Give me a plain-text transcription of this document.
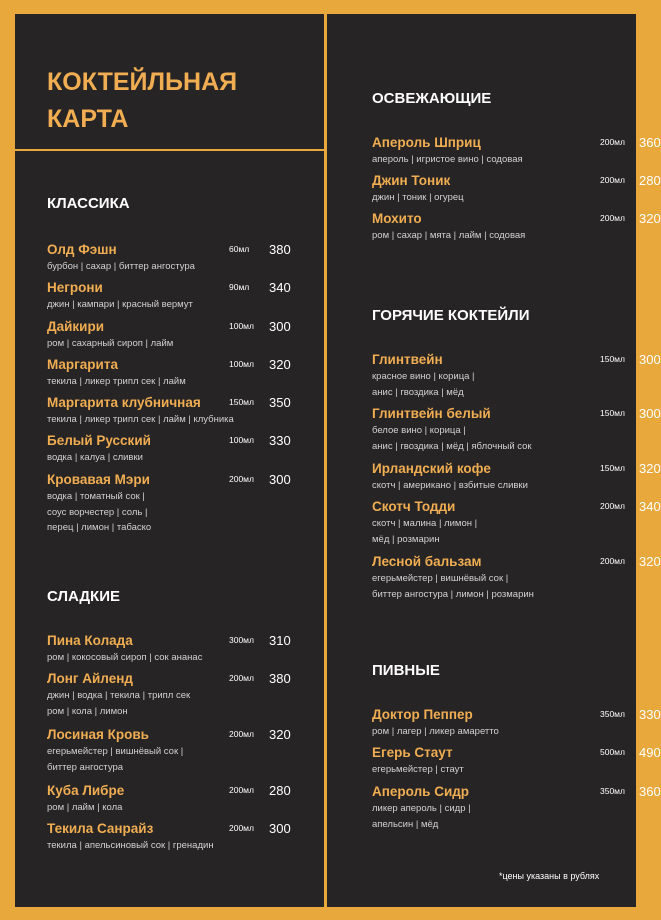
КОКТЕЙЛЬНАЯ
КАРТА
КЛАССИКА
СЛАДКИЕ
Олд Фэшн
бурбон | сахар | биттер ангостура
60мл 380
Негрони
джин | кампари | красный вермут
90мл 340
Дайкири
ром | сахарный сироп | лайм
100мл 300
Маргарита
текила | ликер трипл сек | лайм
100мл 320
Маргарита клубничная
текила | ликер трипл сек | лайм | клубника
150мл 350
Белый Русский
водка | калуа | сливки
100мл 330
Кровавая Мэри
водка | томатный сок |
соус ворчестер | соль |
перец | лимон | табаско
200мл 300
Пина Колада
ром | кокосовый сироп | сок ананас
300мл 310
Лонг Айленд
джин | водка | текила | трипл сек
ром | кола | лимон
200мл 380
Лосиная Кровь
егерьмейстер | вишнёвый сок |
биттер ангостура
200мл 320
Куба Либре
ром | лайм | кола
200мл 280
Текила Санрайз
текила | апельсиновый сок | гренадин
200мл 300
ОСВЕЖАЮЩИЕ
ГОРЯЧИЕ КОКТЕЙЛИ
ПИВНЫЕ
*цены указаны в рублях
Апероль Шприц
апероль | игристое вино | содовая
200мл 360
Джин Тоник
джин | тоник | огурец
200мл 280
Мохито
ром | сахар | мята | лайм | содовая
200мл 320
Глинтвейн
красное вино | корица |
анис | гвоздика | мёд
150мл 300
Глинтвейн белый
белое вино | корица |
анис | гвоздика | мёд | яблочный сок
150мл 300
Ирландский кофе
скотч | американо | взбитые сливки
150мл 320
Скотч Тодди
скотч | малина | лимон |
мёд | розмарин
200мл 340
Лесной бальзам
егерьмейстер | вишнёвый сок |
биттер ангостура | лимон | розмарин
200мл 320
Доктор Пеппер
ром | лагер | ликер амаретто
350мл 330
Егерь Стаут
егерьмейстер | стаут
500мл 490
Апероль Сидр
ликер апероль | сидр |
апельсин | мёд
350мл 360
